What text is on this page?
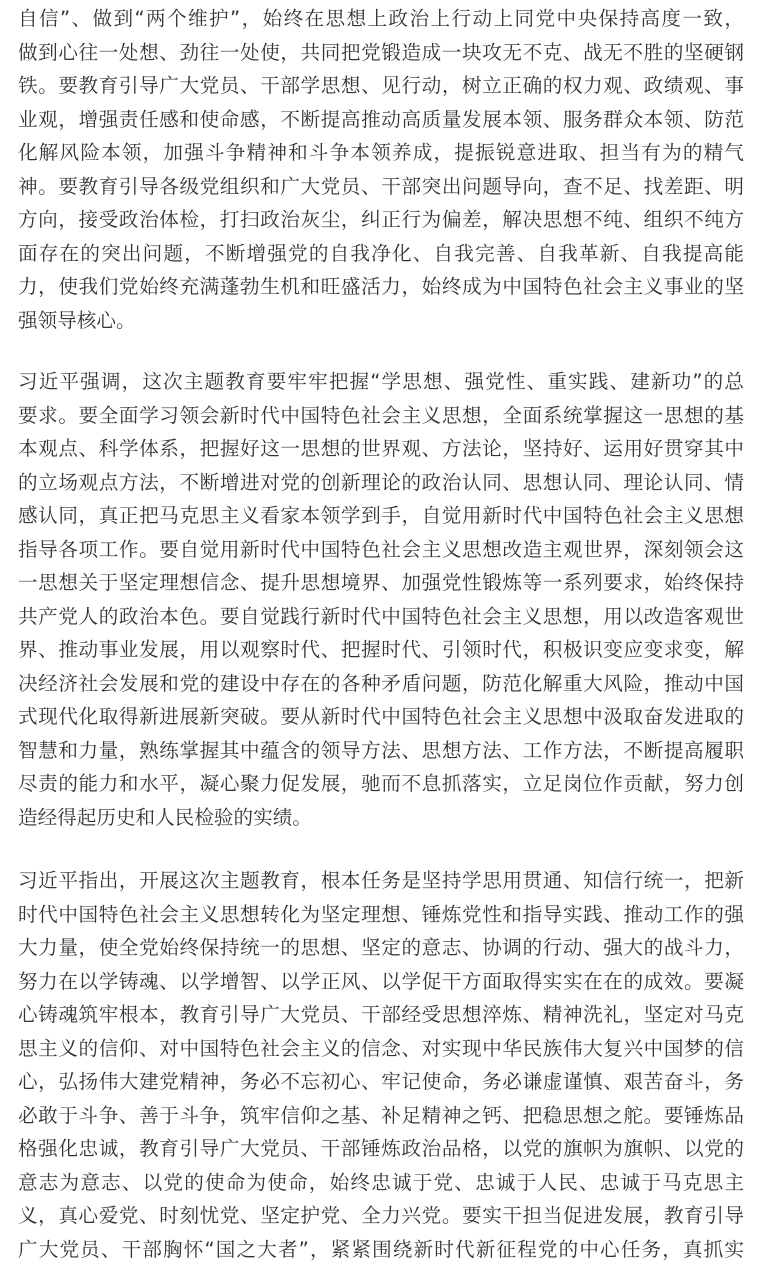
自信”、做到“两个维护”，始终在思想上政治上行动上同党中央保持高度一致，
做到心往一处想、劲往一处使，共同把党锻造成一块攻无不克、战无不胜的坚硬钢
铁。要教育引导广大党员、干部学思想、见行动，树立正确的权力观、政绩观、事
业观，增强责任感和使命感，不断提高推动高质量发展本领、服务群众本领、防范
化解风险本领，加强斗争精神和斗争本领养成，提振锐意进取、担当有为的精气
神。要教育引导各级党组织和广大党员、干部突出问题导向，查不足、找差距、明
方向，接受政治体检，打扫政治灰尘，纠正行为偏差，解决思想不纯、组织不纯方
面存在的突出问题，不断增强党的自我净化、自我完善、自我革新、自我提高能
力，使我们党始终充满蓬勃生机和旺盛活力，始终成为中国特色社会主义事业的坚
强领导核心。
习近平强调，这次主题教育要牢牢把握“学思想、强党性、重实践、建新功”的总
要求。要全面学习领会新时代中国特色社会主义思想，全面系统掌握这一思想的基
本观点、科学体系，把握好这一思想的世界观、方法论，坚持好、运用好贯穿其中
的立场观点方法，不断增进对党的创新理论的政治认同、思想认同、理论认同、情
感认同，真正把马克思主义看家本领学到手，自觉用新时代中国特色社会主义思想
指导各项工作。要自觉用新时代中国特色社会主义思想改造主观世界，深刻领会这
一思想关于坚定理想信念、提升思想境界、加强党性锻炼等一系列要求，始终保持
共产党人的政治本色。要自觉践行新时代中国特色社会主义思想，用以改造客观世
界、推动事业发展，用以观察时代、把握时代、引领时代，积极识变应变求变，解
决经济社会发展和党的建设中存在的各种矛盾问题，防范化解重大风险，推动中国
式现代化取得新进展新突破。要从新时代中国特色社会主义思想中汲取奋发进取的
智慧和力量，熟练掌握其中蕴含的领导方法、思想方法、工作方法，不断提高履职
尽责的能力和水平，凝心聚力促发展，驰而不息抓落实，立足岗位作贡献，努力创
造经得起历史和人民检验的实绩。
习近平指出，开展这次主题教育，根本任务是坚持学思用贯通、知信行统一，把新
时代中国特色社会主义思想转化为坚定理想、锤炼党性和指导实践、推动工作的强
大力量，使全党始终保持统一的思想、坚定的意志、协调的行动、强大的战斗力，
努力在以学铸魂、以学增智、以学正风、以学促干方面取得实实在在的成效。要凝
心铸魂筑牢根本，教育引导广大党员、干部经受思想淬炼、精神洗礼，坚定对马克
思主义的信仰、对中国特色社会主义的信念、对实现中华民族伟大复兴中国梦的信
心，弘扬伟大建党精神，务必不忘初心、牢记使命，务必谦虚谨慎、艰苦奋斗，务
必敢于斗争、善于斗争，筑牢信仰之基、补足精神之钙、把稳思想之舵。要锤炼品
格强化忠诚，教育引导广大党员、干部锤炼政治品格，以党的旗帜为旗帜、以党的
意志为意志、以党的使命为使命，始终忠诚于党、忠诚于人民、忠诚于马克思主
义，真心爱党、时刻忧党、坚定护党、全力兴党。要实干担当促进发展，教育引导
广大党员、干部胸怀“国之大者”，紧紧围绕新时代新征程党的中心任务，真抓实
